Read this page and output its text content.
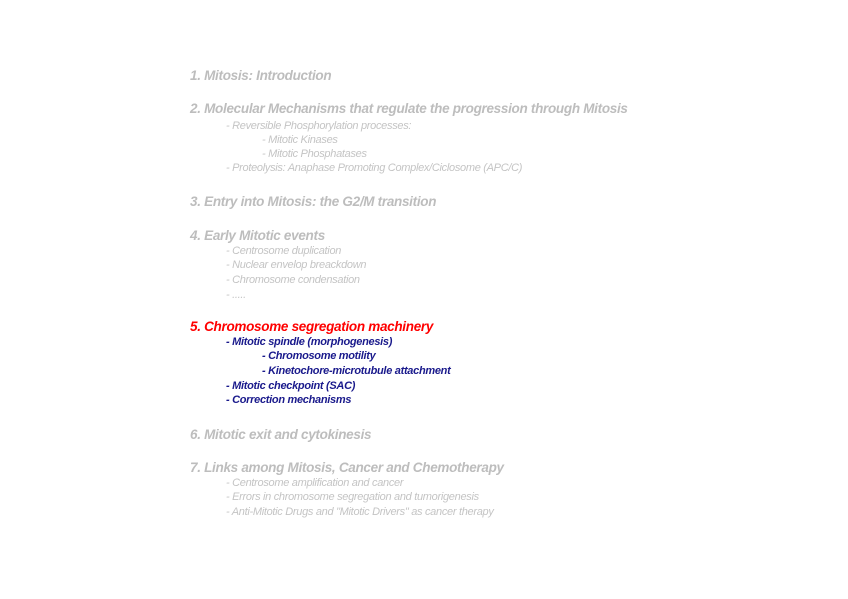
1. Mitosis: Introduction
2. Molecular Mechanisms that regulate the progression through Mitosis
- Reversible Phosphorylation processes:
- Mitotic Kinases
- Mitotic Phosphatases
- Proteolysis: Anaphase Promoting Complex/Ciclosome (APC/C)
3. Entry into Mitosis: the G2/M transition
4. Early Mitotic events
- Centrosome duplication
- Nuclear envelop breackdown
- Chromosome condensation
- .....
5. Chromosome segregation machinery
- Mitotic spindle (morphogenesis)
- Chromosome motility
- Kinetochore-microtubule attachment
- Mitotic checkpoint (SAC)
- Correction mechanisms
6. Mitotic exit and cytokinesis
7. Links among Mitosis, Cancer and Chemotherapy
- Centrosome amplification and cancer
- Errors in chromosome segregation and tumorigenesis
- Anti-Mitotic Drugs and "Mitotic Drivers" as cancer therapy
